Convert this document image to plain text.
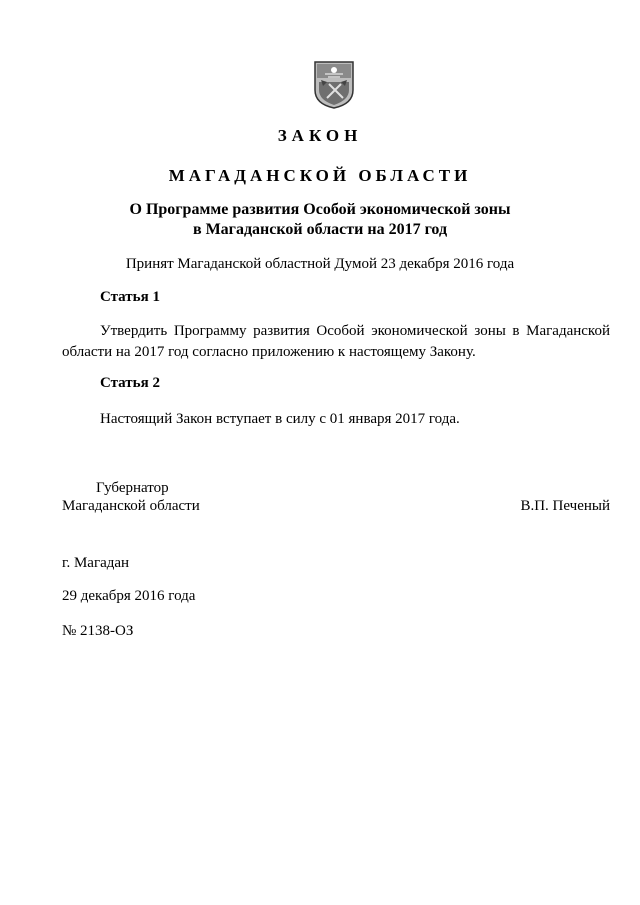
ЗАКОН
МАГАДАНСКОЙ ОБЛАСТИ
О Программе развития Особой экономической зоны
в Магаданской области на 2017 год
Принят Магаданской областной Думой 23 декабря 2016 года
Статья 1
Утвердить Программу развития Особой экономической зоны в Магаданской области на 2017 год согласно приложению к настоящему Закону.
Статья 2
Настоящий Закон вступает в силу с 01 января 2017 года.
Губернатор
Магаданской области	В.П. Печеный
г. Магадан
29 декабря 2016 года
№ 2138-ОЗ
